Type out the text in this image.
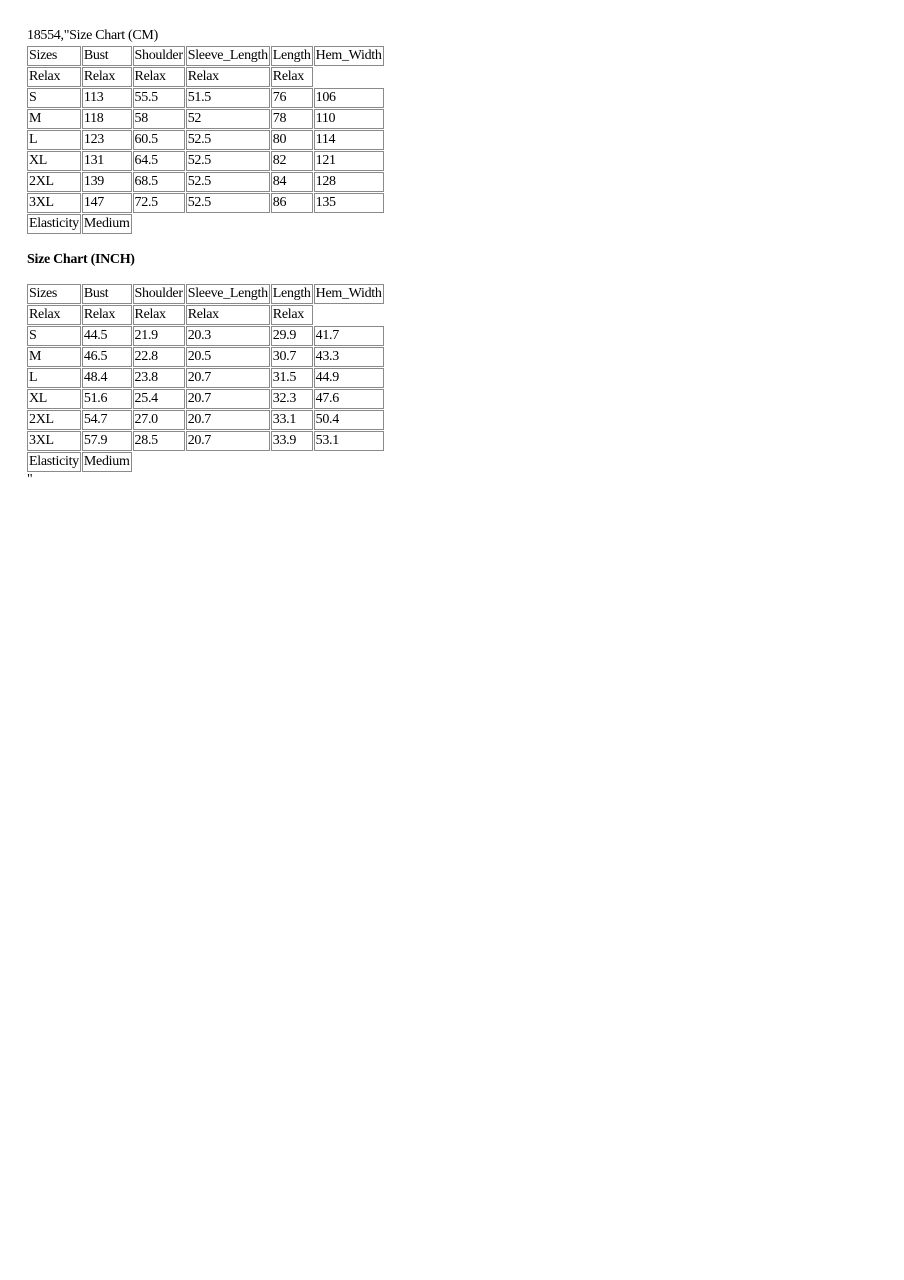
18554,"Size Chart (CM)
Sizes	Bust	Shoulder	Sleeve_Length	Length	Hem_Width
Relax	Relax	Relax	Relax	Relax	
S	113	55.5	51.5	76	106
M	118	58	52	78	110
L	123	60.5	52.5	80	114
XL	131	64.5	52.5	82	121
2XL	139	68.5	52.5	84	128
3XL	147	72.5	52.5	86	135
Elasticity	Medium				
Size Chart (INCH)
Sizes	Bust	Shoulder	Sleeve_Length	Length	Hem_Width
Relax	Relax	Relax	Relax	Relax	
S	44.5	21.9	20.3	29.9	41.7
M	46.5	22.8	20.5	30.7	43.3
L	48.4	23.8	20.7	31.5	44.9
XL	51.6	25.4	20.7	32.3	47.6
2XL	54.7	27.0	20.7	33.1	50.4
3XL	57.9	28.5	20.7	33.9	53.1
Elasticity	Medium				
"
